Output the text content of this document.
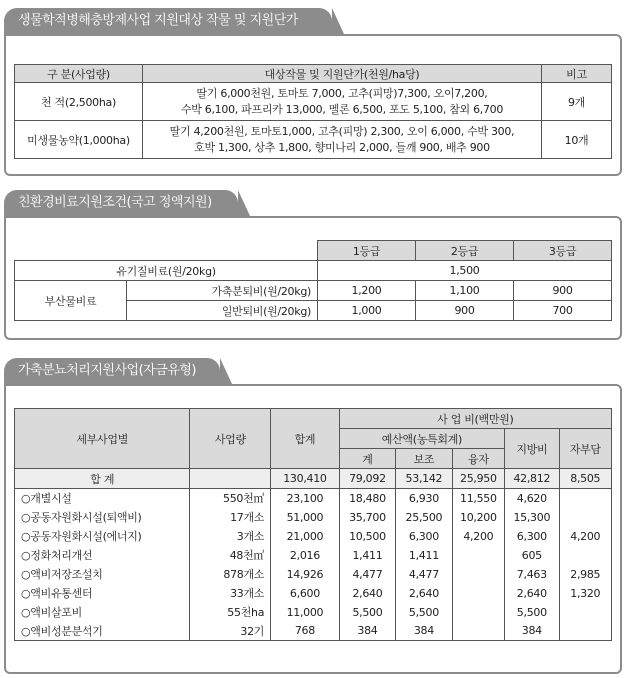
생물학적병해충방제사업 지원대상 작물 및 지원단가
구 분(사업량)	대상작물 및 지원단가(천원/ha당)	비고
천 적(2,500ha)	딸기 6,000천원, 토마토 7,000, 고추(피망)7,300, 오이7,200,
수박 6,100, 파프리카 13,000, 멜론 6,500, 포도 5,100, 참외 6,700	9개
미생물농약(1,000ha)	딸기 4,200천원, 토마토1,000, 고추(피망) 2,300, 오이 6,000, 수박 300,
호박 1,300, 상추 1,800, 향미나리 2,000, 들깨 900, 배추 900	10개
친환경비료지원조건(국고 정액지원)
		1등급	2등급	3등급
유기질비료(원/20kg)		1,500		
부산물비료	가축분퇴비(원/20kg)	1,200	1,100	900
	일반퇴비(원/20kg)	1,000	900	700
가축분뇨처리지원사업(자금유형)
세부사업별	사업량	합계	사 업 비(백만원)				
			예산액(농특회계)			지방비	자부담
			계	보조	융자		
합 계		130,410	79,092	53,142	25,950	42,812	8,505
○개별시설	550천㎥	23,100	18,480	6,930	11,550	4,620	
○공동자원화시설(퇴액비)	17개소	51,000	35,700	25,500	10,200	15,300	
○공동자원화시설(에너지)	3개소	21,000	10,500	6,300	4,200	6,300	4,200
○정화처리개선	48천㎥	2,016	1,411	1,411		605	
○액비저장조설치	878개소	14,926	4,477	4,477		7,463	2,985
○액비유통센터	33개소	6,600	2,640	2,640		2,640	1,320
○액비살포비	55천ha	11,000	5,500	5,500		5,500	
○액비성분분석기	32기	768	384	384		384	
